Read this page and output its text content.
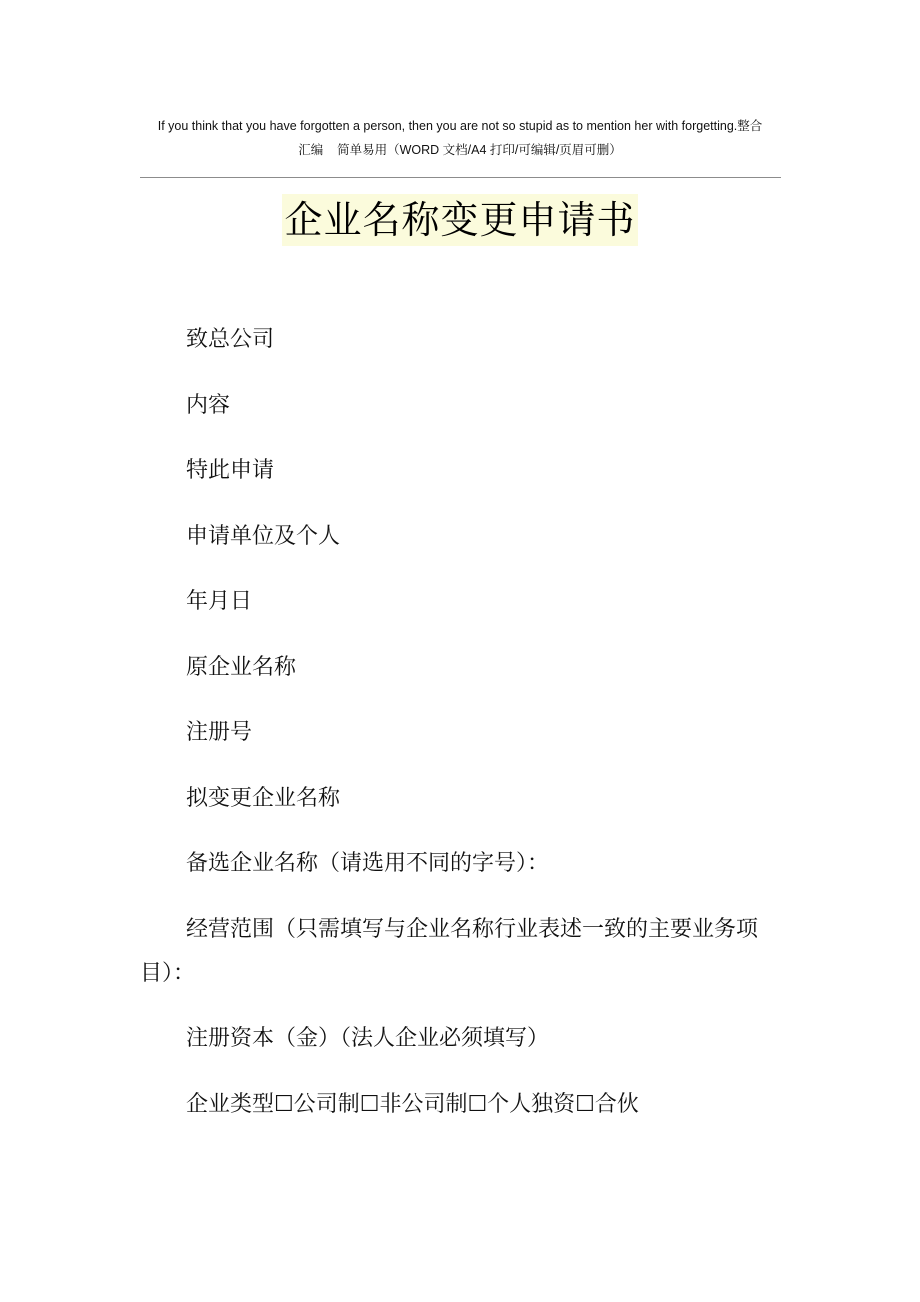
If you think that you have forgotten a person, then you are not so stupid as to mention her with forgetting.整合
汇编    简单易用（WORD 文档/A4 打印/可编辑/页眉可删）
企业名称变更申请书

致总公司

内容

特此申请

申请单位及个人

年月日

原企业名称

注册号

拟变更企业名称

备选企业名称（请选用不同的字号）：

经营范围（只需填写与企业名称行业表述一致的主要业务项目）：

注册资本（金）（法人企业必须填写）

企业类型☐公司制☐非公司制☐个人独资☐合伙
